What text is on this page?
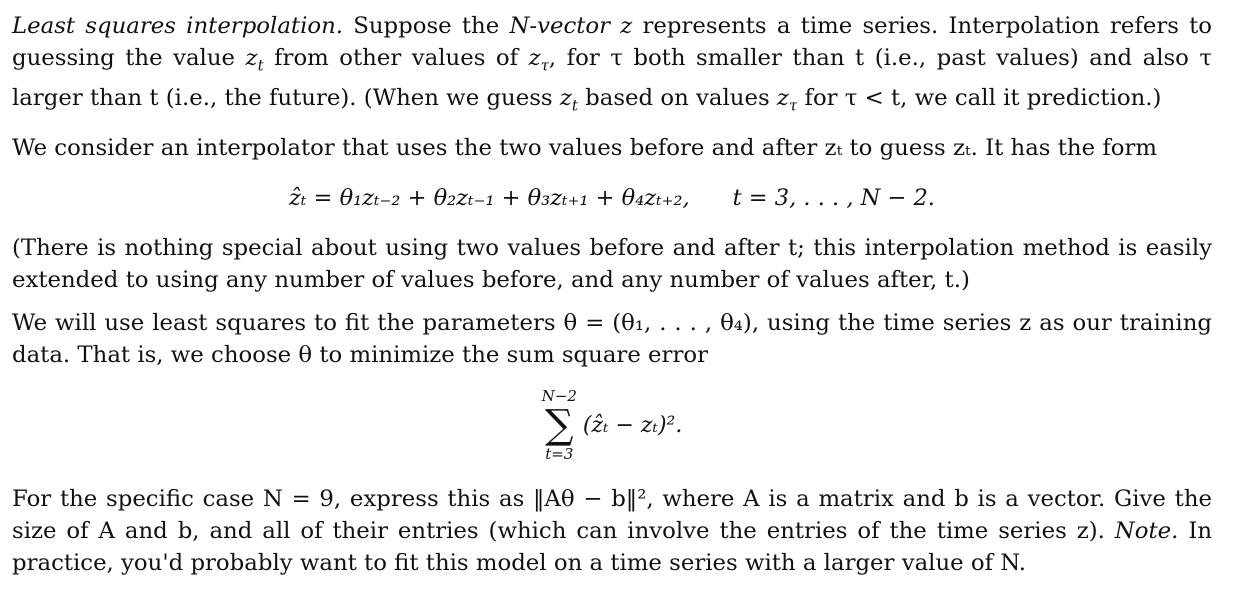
Least squares interpolation. Suppose the N-vector z represents a time series. Interpolation refers to guessing the value $z_t$ from other values of $z_\tau$, for τ both smaller than t (i.e., past values) and also τ larger than t (i.e., the future). (When we guess $z_t$ based on values $z_\tau$ for τ < t, we call it prediction.)

We consider an interpolator that uses the two values before and after zₜ to guess zₜ. It has the form

ẑₜ = θ₁zₜ₋₂ + θ₂zₜ₋₁ + θ₃zₜ₊₁ + θ₄zₜ₊₂, t = 3, . . . , N − 2.

(There is nothing special about using two values before and after t; this interpolation method is easily extended to using any number of values before, and any number of values after, t.)

We will use least squares to fit the parameters θ = (θ₁, . . . , θ₄), using the time series z as our training data. That is, we choose θ to minimize the sum square error

N−2
∑
t=3
(ẑₜ − zₜ)².

For the specific case N = 9, express this as ‖Aθ − b‖², where A is a matrix and b is a vector. Give the size of A and b, and all of their entries (which can involve the entries of the time series z). Note. In practice, you'd probably want to fit this model on a time series with a larger value of N.
